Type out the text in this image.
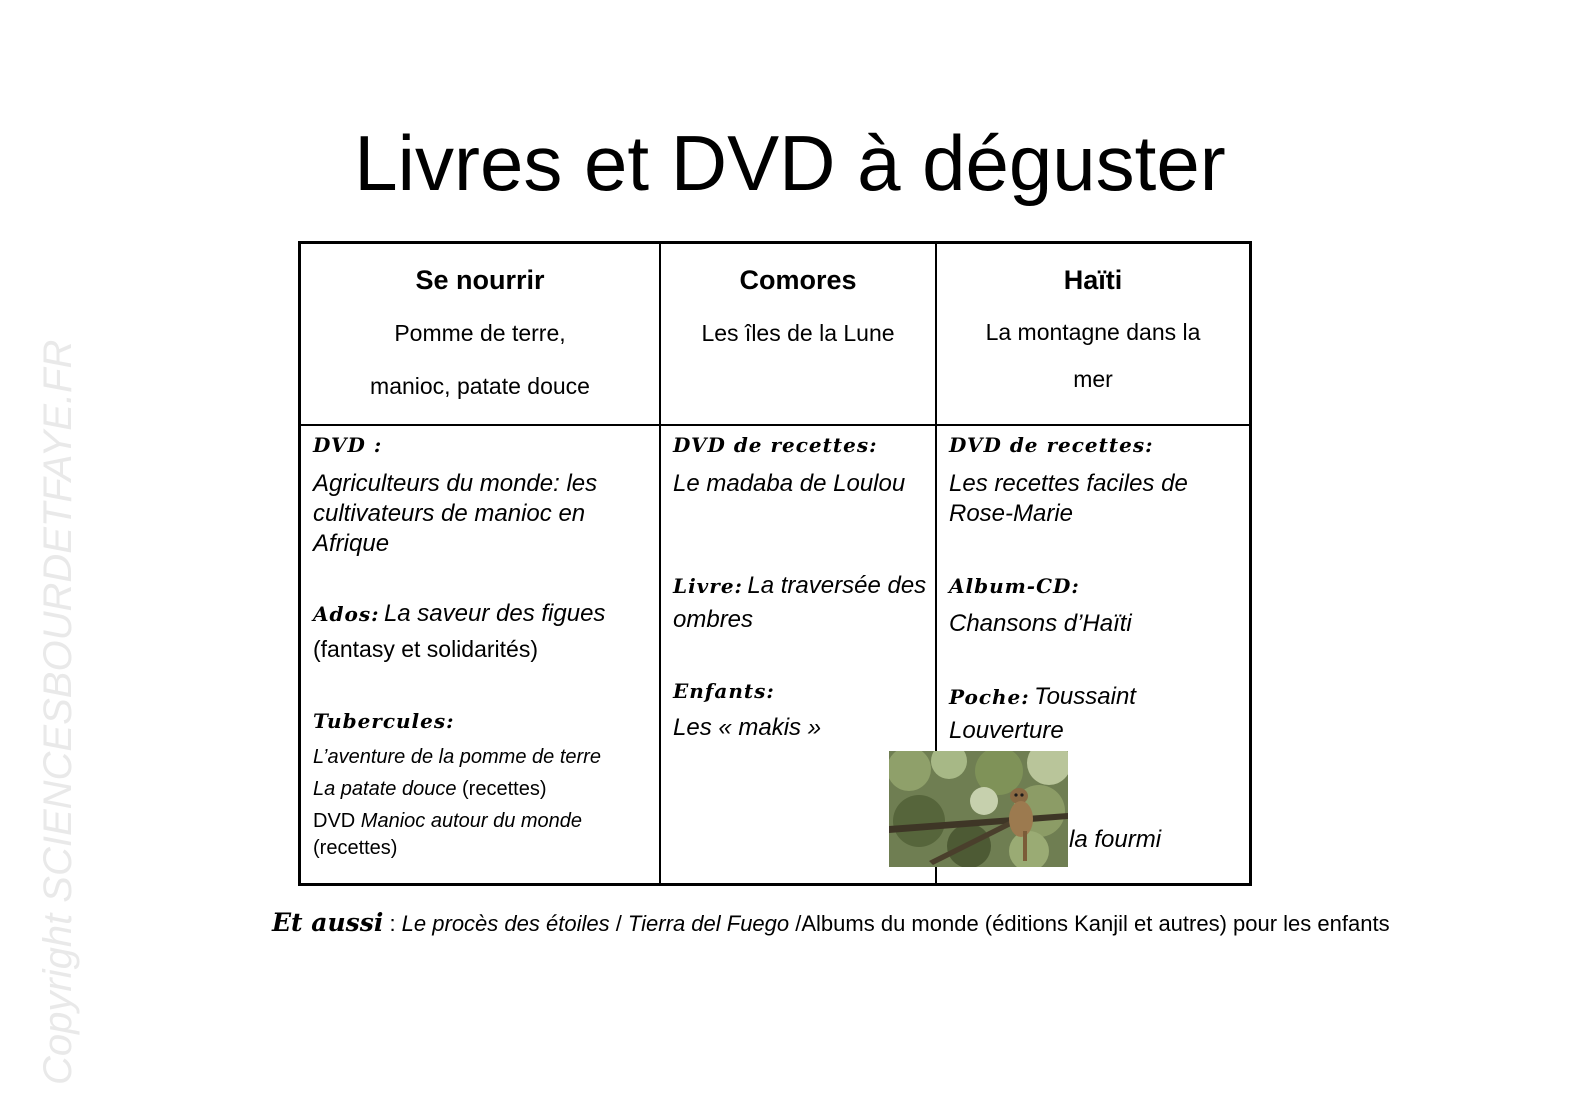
Copyright SCIENCESBOURDETFAYE.FR
Livres et DVD à déguster
Se nourrir
Pomme de terre,
manioc, patate douce
Comores
Les îles de la Lune
Haïti
La montagne dans la
mer
DVD :
Agriculteurs du monde: les cultivateurs de manioc en Afrique
Ados: La saveur des figues
(fantasy et solidarités)
Tubercules:
L’aventure de la pomme de terre
La patate douce (recettes)
DVD Manioc autour du monde
(recettes)
DVD de recettes:
Le madaba de Loulou
Livre: La traversée des ombres
Enfants:
Les « makis »
DVD de recettes:
Les recettes faciles de Rose-Marie
Album-CD:
Chansons d’Haïti
Poche: Toussaint Louverture
la fourmi
Et aussi : Le procès des étoiles / Tierra del Fuego /Albums du monde (éditions Kanjil et autres) pour les enfants
